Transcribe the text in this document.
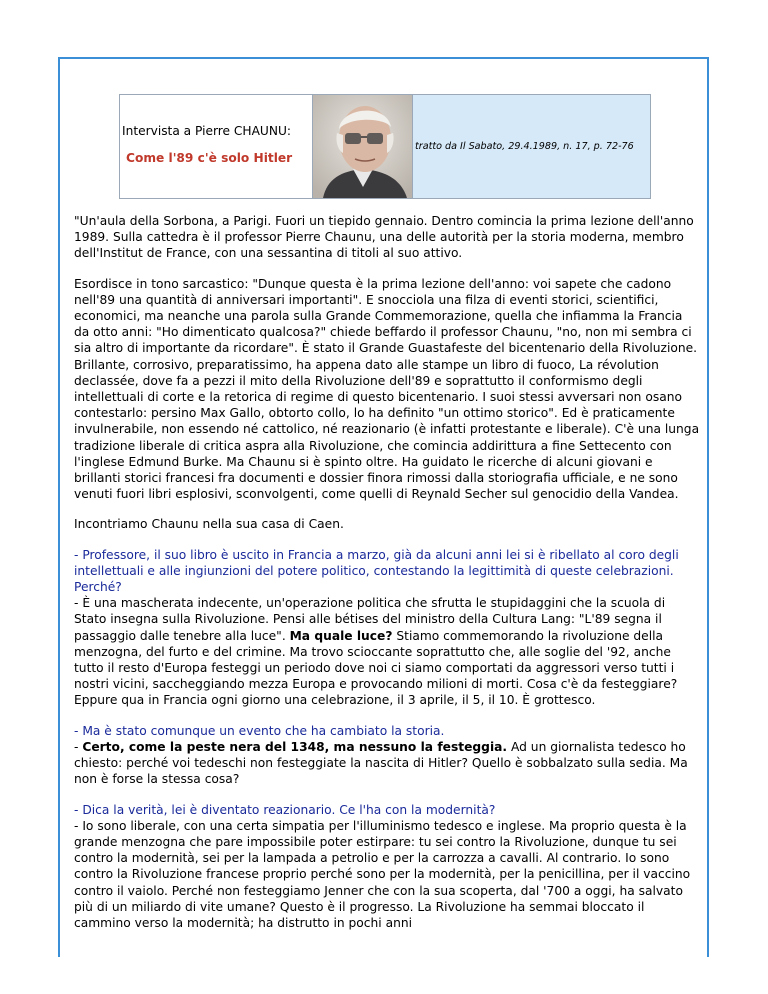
Intervista a Pierre CHAUNU:
Come l'89 c'è solo Hitler
tratto da Il Sabato, 29.4.1989, n. 17, p. 72-76

"Un'aula della Sorbona, a Parigi. Fuori un tiepido gennaio. Dentro comincia la prima lezione dell'anno 1989. Sulla cattedra è il professor Pierre Chaunu, una delle autorità per la storia moderna, membro dell'Institut de France, con una sessantina di titoli al suo attivo.

Esordisce in tono sarcastico: "Dunque questa è la prima lezione dell'anno: voi sapete che cadono nell'89 una quantità di anniversari importanti". E snocciola una filza di eventi storici, scientifici, economici, ma neanche una parola sulla Grande Commemorazione, quella che infiamma la Francia da otto anni: "Ho dimenticato qualcosa?" chiede beffardo il professor Chaunu, "no, non mi sembra ci sia altro di importante da ricordare". È stato il Grande Guastafeste del bicentenario della Rivoluzione. Brillante, corrosivo, preparatissimo, ha appena dato alle stampe un libro di fuoco, La révolution declassée, dove fa a pezzi il mito della Rivoluzione dell'89 e soprattutto il conformismo degli intellettuali di corte e la retorica di regime di questo bicentenario. I suoi stessi avversari non osano contestarlo: persino Max Gallo, obtorto collo, lo ha definito "un ottimo storico". Ed è praticamente invulnerabile, non essendo né cattolico, né reazionario (è infatti protestante e liberale). C'è una lunga tradizione liberale di critica aspra alla Rivoluzione, che comincia addirittura a fine Settecento con l'inglese Edmund Burke. Ma Chaunu si è spinto oltre. Ha guidato le ricerche di alcuni giovani e brillanti storici francesi fra documenti e dossier finora rimossi dalla storiografia ufficiale, e ne sono venuti fuori libri esplosivi, sconvolgenti, come quelli di Reynald Secher sul genocidio della Vandea.

Incontriamo Chaunu nella sua casa di Caen.

- Professore, il suo libro è uscito in Francia a marzo, già da alcuni anni lei si è ribellato al coro degli intellettuali e alle ingiunzioni del potere politico, contestando la legittimità di queste celebrazioni. Perché?
- È una mascherata indecente, un'operazione politica che sfrutta le stupidaggini che la scuola di Stato insegna sulla Rivoluzione. Pensi alle bétises del ministro della Cultura Lang: "L'89 segna il passaggio dalle tenebre alla luce". Ma quale luce? Stiamo commemorando la rivoluzione della menzogna, del furto e del crimine. Ma trovo scioccante soprattutto che, alle soglie del '92, anche tutto il resto d'Europa festeggi un periodo dove noi ci siamo comportati da aggressori verso tutti i nostri vicini, saccheggiando mezza Europa e provocando milioni di morti. Cosa c'è da festeggiare? Eppure qua in Francia ogni giorno una celebrazione, il 3 aprile, il 5, il 10. È grottesco.

- Ma è stato comunque un evento che ha cambiato la storia.
- Certo, come la peste nera del 1348, ma nessuno la festeggia. Ad un giornalista tedesco ho chiesto: perché voi tedeschi non festeggiate la nascita di Hitler? Quello è sobbalzato sulla sedia. Ma non è forse la stessa cosa?

- Dica la verità, lei è diventato reazionario. Ce l'ha con la modernità?
- Io sono liberale, con una certa simpatia per l'illuminismo tedesco e inglese. Ma proprio questa è la grande menzogna che pare impossibile poter estirpare: tu sei contro la Rivoluzione, dunque tu sei contro la modernità, sei per la lampada a petrolio e per la carrozza a cavalli. Al contrario. Io sono contro la Rivoluzione francese proprio perché sono per la modernità, per la penicillina, per il vaccino contro il vaiolo. Perché non festeggiamo Jenner che con la sua scoperta, dal '700 a oggi, ha salvato più di un miliardo di vite umane? Questo è il progresso. La Rivoluzione ha semmai bloccato il cammino verso la modernità; ha distrutto in pochi anni
